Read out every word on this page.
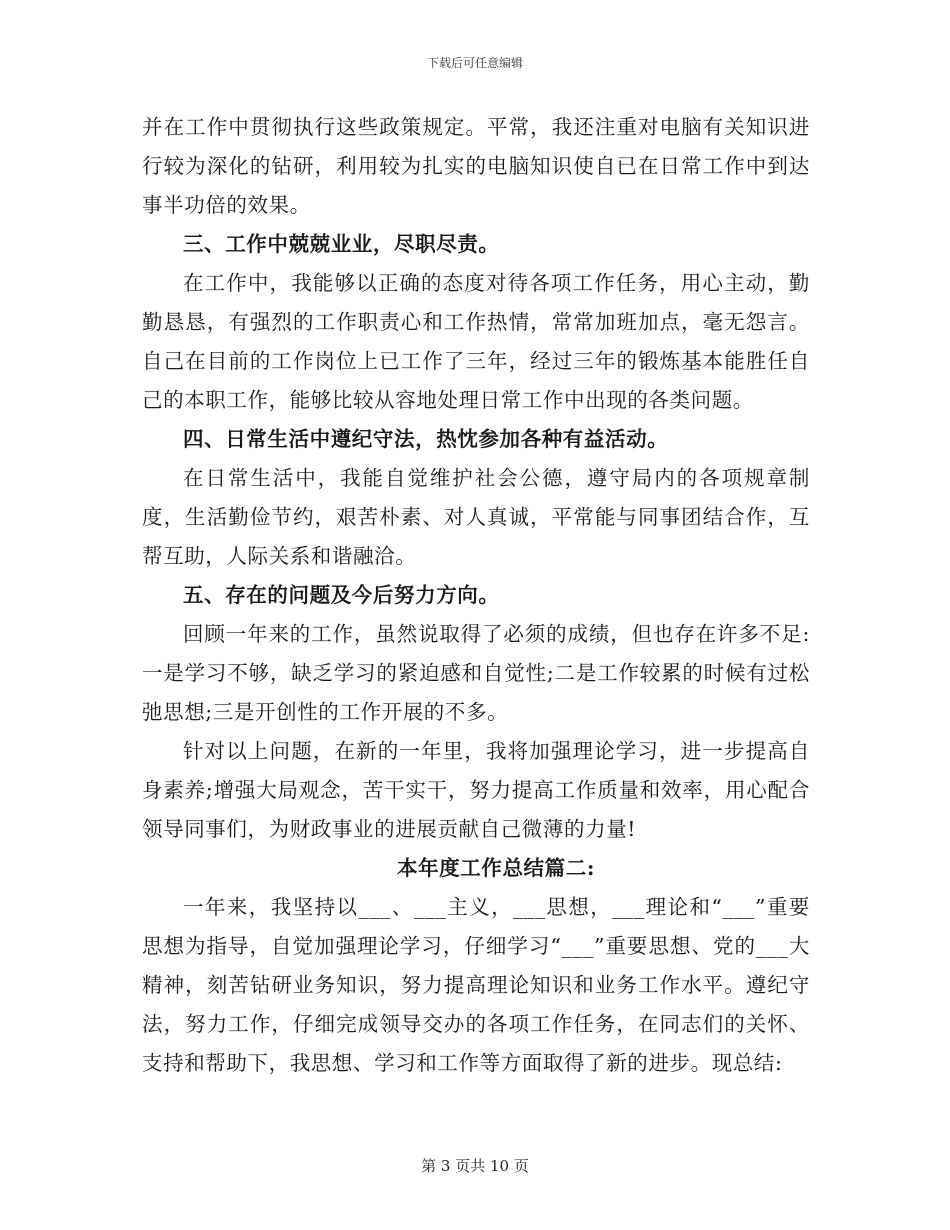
下载后可任意编辑

并在工作中贯彻执行这些政策规定。平常，我还注重对电脑有关知识进行较为深化的钻研，利用较为扎实的电脑知识使自已在日常工作中到达事半功倍的效果。

三、工作中兢兢业业，尽职尽责。

在工作中，我能够以正确的态度对待各项工作任务，用心主动，勤勤恳恳，有强烈的工作职责心和工作热情，常常加班加点，毫无怨言。自己在目前的工作岗位上已工作了三年，经过三年的锻炼基本能胜任自己的本职工作，能够比较从容地处理日常工作中出现的各类问题。

四、日常生活中遵纪守法，热忱参加各种有益活动。

在日常生活中，我能自觉维护社会公德，遵守局内的各项规章制度，生活勤俭节约，艰苦朴素、对人真诚，平常能与同事团结合作，互帮互助，人际关系和谐融洽。

五、存在的问题及今后努力方向。

回顾一年来的工作，虽然说取得了必须的成绩，但也存在许多不足:一是学习不够，缺乏学习的紧迫感和自觉性;二是工作较累的时候有过松弛思想;三是开创性的工作开展的不多。

针对以上问题，在新的一年里，我将加强理论学习，进一步提高自身素养;增强大局观念，苦干实干，努力提高工作质量和效率，用心配合领导同事们，为财政事业的进展贡献自己微薄的力量!

本年度工作总结篇二:

一年来，我坚持以___、___主义，___思想，___理论和“___”重要思想为指导，自觉加强理论学习，仔细学习“___”重要思想、党的___大精神，刻苦钻研业务知识，努力提高理论知识和业务工作水平。遵纪守法，努力工作，仔细完成领导交办的各项工作任务，在同志们的关怀、支持和帮助下，我思想、学习和工作等方面取得了新的进步。现总结:

第 3 页共 10 页
